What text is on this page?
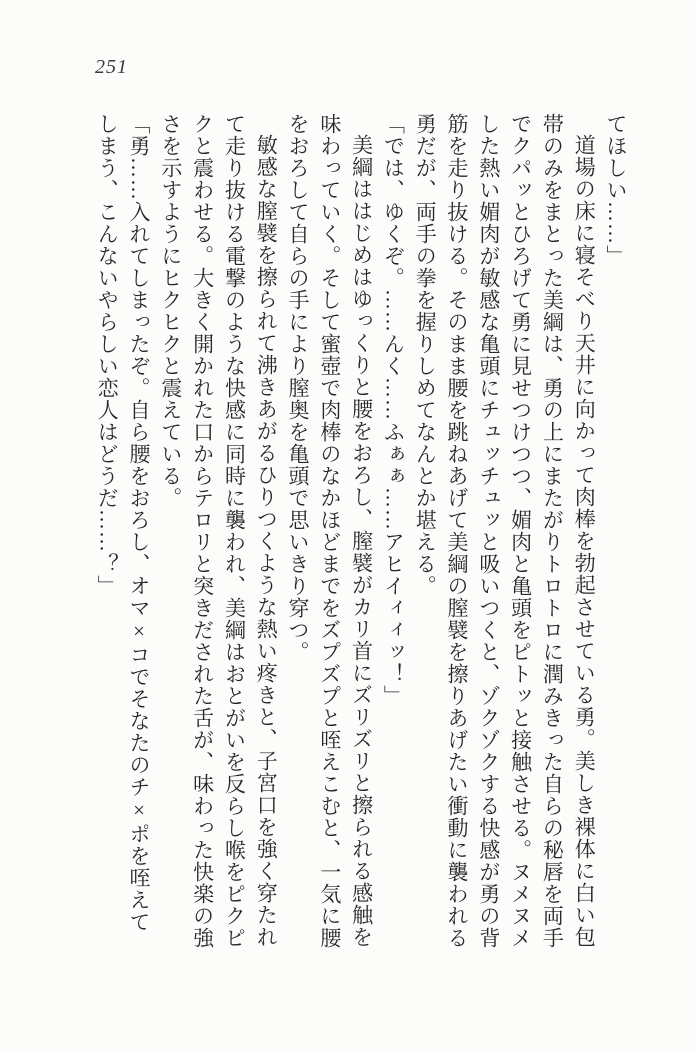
251

てほしい……」

道場の床に寝そべり天井に向かって肉棒を勃起させている勇。美しき裸体に白い包帯のみをまとった美綱は、勇の上にまたがりトロトロに潤みきった自らの秘唇を両手でクパッとひろげて勇に見せつけつつ、媚肉と亀頭をピトッと接触させる。ヌメヌメした熱い媚肉が敏感な亀頭にチュッチュッと吸いつくと、ゾクゾクする快感が勇の背筋を走り抜ける。そのまま腰を跳ねあげて美綱の膣襞を擦りあげたい衝動に襲われる勇だが、両手の拳を握りしめてなんとか堪える。

「では、ゆくぞ。……んく……ふぁぁ……アヒイィィッ！」

美綱ははじめはゆっくりと腰をおろし、膣襞がカリ首にズリズリと擦られる感触を味わっていく。そして蜜壺で肉棒のなかほどまでをズプズプと咥えこむと、一気に腰をおろして自らの手により膣奥を亀頭で思いきり穿つ。

敏感な膣襞を擦られて沸きあがるひりつくような熱い疼きと、子宮口を強く穿たれて走り抜ける電撃のような快感に同時に襲われ、美綱はおとがいを反らし喉をピクピクと震わせる。大きく開かれた口からテロリと突きだされた舌が、味わった快楽の強さを示すようにヒクヒクと震えている。

「勇……入れてしまったぞ。自ら腰をおろし、オマ×コでそなたのチ×ポを咥えてしまう、こんないやらしい恋人はどうだ……？」
